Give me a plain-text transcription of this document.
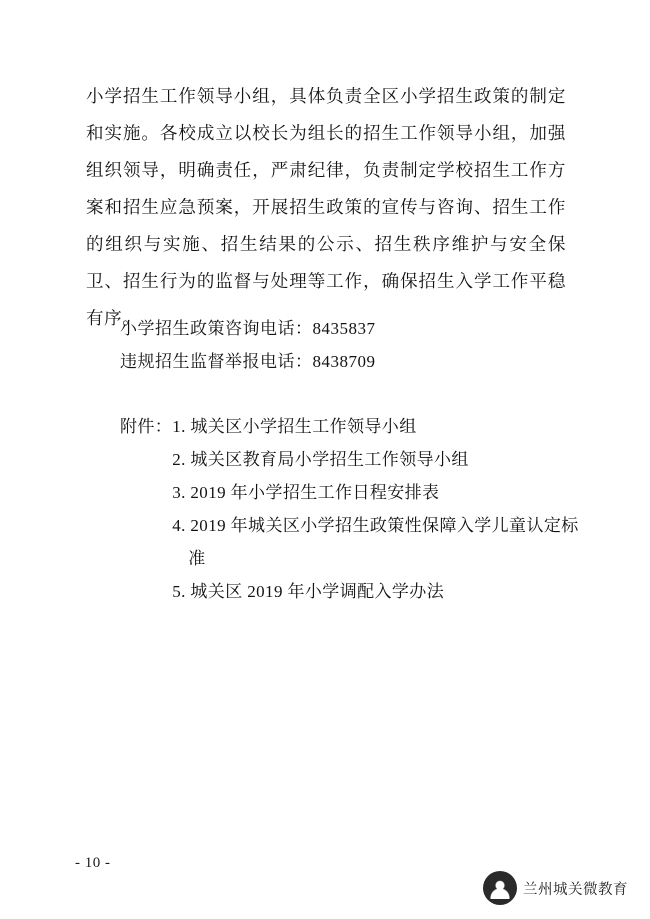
小学招生工作领导小组，具体负责全区小学招生政策的制定和实施。各校成立以校长为组长的招生工作领导小组，加强组织领导，明确责任，严肃纪律，负责制定学校招生工作方案和招生应急预案，开展招生政策的宣传与咨询、招生工作的组织与实施、招生结果的公示、招生秩序维护与安全保卫、招生行为的监督与处理等工作，确保招生入学工作平稳有序。

小学招生政策咨询电话：8435837
违规招生监督举报电话：8438709
附件： 1. 城关区小学招生工作领导小组
2. 城关区教育局小学招生工作领导小组
3. 2019 年小学招生工作日程安排表
4. 2019 年城关区小学招生政策性保障入学儿童认定标准
5. 城关区 2019 年小学调配入学办法
- 10 -
兰州城关微教育
